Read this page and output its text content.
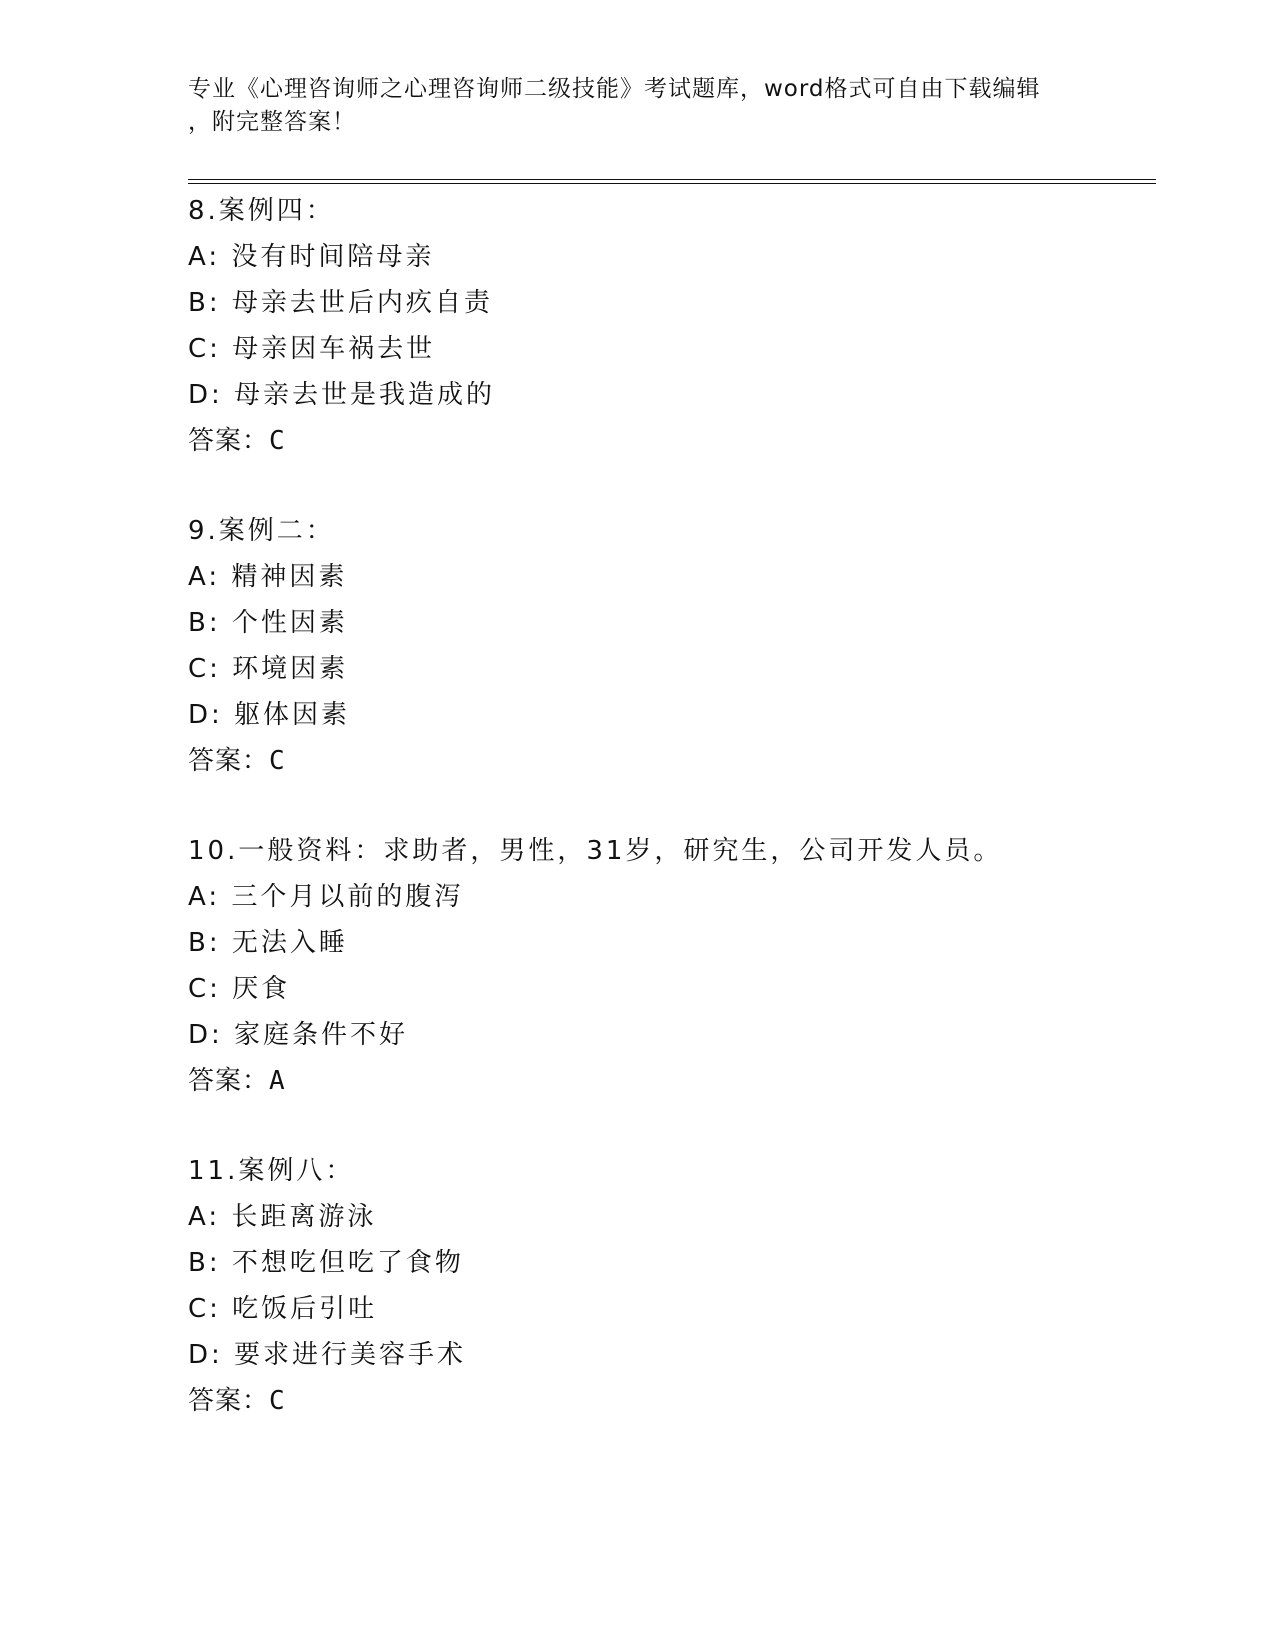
专业《心理咨询师之心理咨询师二级技能》考试题库，word格式可自由下载编辑
，附完整答案！
8.案例四：
A: 没有时间陪母亲
B: 母亲去世后内疚自责
C: 母亲因车祸去世
D: 母亲去世是我造成的
答案：C
9.案例二：
A: 精神因素
B: 个性因素
C: 环境因素
D: 躯体因素
答案：C
10.一般资料：求助者，男性，31岁，研究生，公司开发人员。
A: 三个月以前的腹泻
B: 无法入睡
C: 厌食
D: 家庭条件不好
答案：A
11.案例八：
A: 长距离游泳
B: 不想吃但吃了食物
C: 吃饭后引吐
D: 要求进行美容手术
答案：C
